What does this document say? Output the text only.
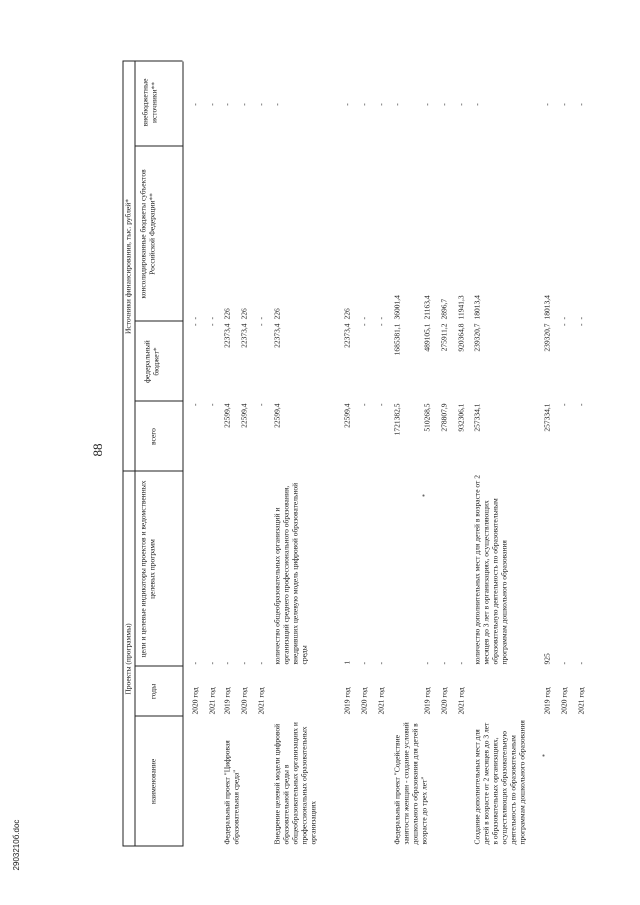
88
2903210б.doc
Проекты (программы)
Источники финансирования, тыс. рублей*
наименование
годы
цели и целевые индикаторы проектов и ведомственных целевых программ
всего
федеральный бюджет*
консолидированные бюджеты субъектов Российской Федерации**
внебюджетные источники**
2020 год
-
-
-
-
-
2021 год
-
-
-
-
-
Федеральный проект "Цифровая образовательная среда"
2019 год
-
22599,4
22373,4
226
-
2020 год
-
22599,4
22373,4
226
-
2021 год
-
-
-
-
-
Внедрение целевой модели цифровой образовательной среды в общеобразовательных организациях и профессиональных образовательных организациях
количество общеобразовательных организаций и организаций среднего профессионального образования, внедривших целевую модель цифровой образовательной среды
22599,4
22373,4
226
-
2019 год
1
22599,4
22373,4
226
-
2020 год
-
-
-
-
-
2021 год
-
-
-
-
-
Федеральный проект "Содействие занятости женщин - создание условий дошкольного образования для детей в возрасте до трех лет"
1721382,5
1685381,1
36001,4
-
2019 год
-
510268,5
489105,1
21163,4
-
2020 год
-
278807,9
275911,2
2896,7
-
2021 год
-
932306,1
920364,8
11941,3
-
Создание дополнительных мест для детей в возрасте от 2 месяцев до 3 лет в образовательных организациях, осуществляющих образовательную деятельность по образовательным программам дошкольного образования
количество дополнительных мест для детей в возрасте от 2 месяцев до 3 лет в организациях, осуществляющих образовательную деятельность по образовательным программам дошкольного образования
257334,1
239320,7
18013,4
-
2019 год
925
257334,1
239320,7
18013,4
-
2020 год
-
-
-
-
-
2021 год
-
-
-
-
-
